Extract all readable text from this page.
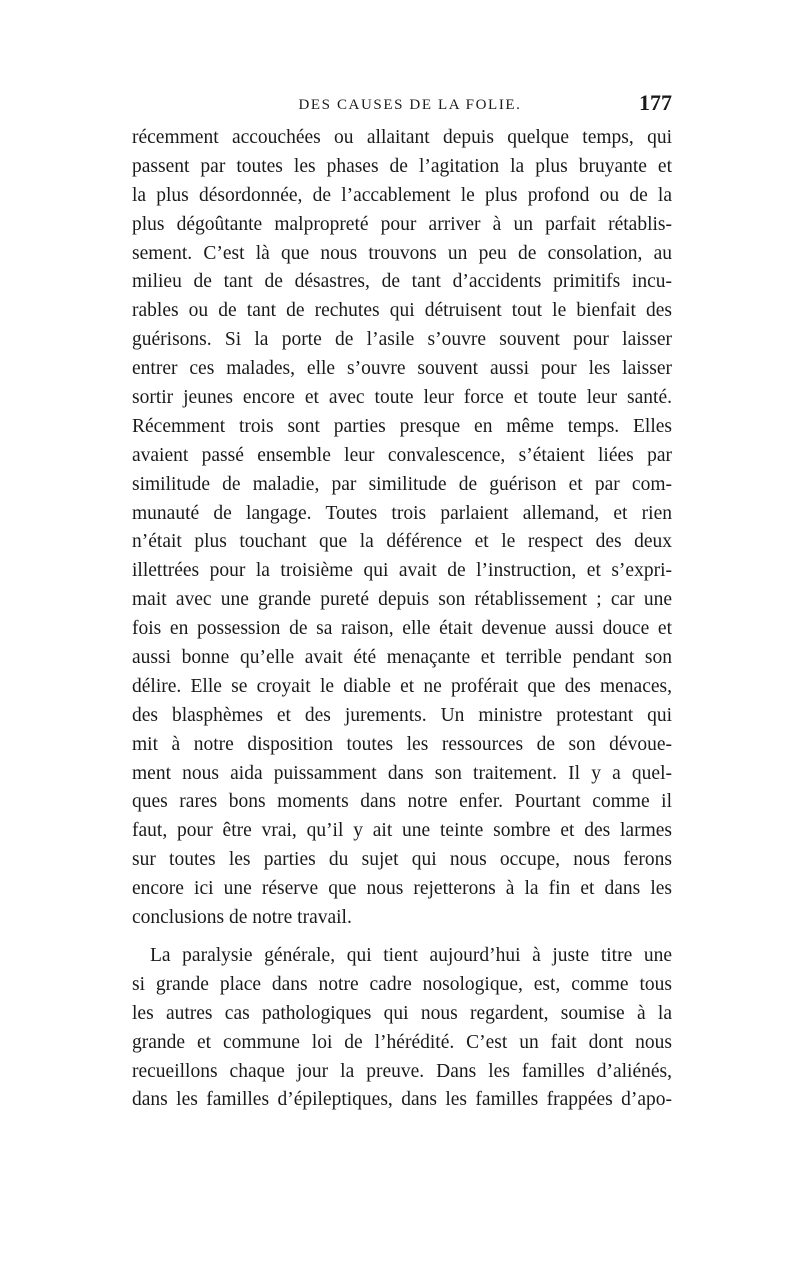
DES CAUSES DE LA FOLIE.	177
récemment accouchées ou allaitant depuis quelque temps, qui
passent par toutes les phases de l’agitation la plus bruyante et
la plus désordonnée, de l’accablement le plus profond ou de la
plus dégoûtante malpropreté pour arriver à un parfait rétablis-
sement. C’est là que nous trouvons un peu de consolation, au
milieu de tant de désastres, de tant d’accidents primitifs incu-
rables ou de tant de rechutes qui détruisent tout le bienfait des
guérisons. Si la porte de l’asile s’ouvre souvent pour laisser
entrer ces malades, elle s’ouvre souvent aussi pour les laisser
sortir jeunes encore et avec toute leur force et toute leur santé.
Récemment trois sont parties presque en même temps. Elles
avaient passé ensemble leur convalescence, s’étaient liées par
similitude de maladie, par similitude de guérison et par com-
munauté de langage. Toutes trois parlaient allemand, et rien
n’était plus touchant que la déférence et le respect des deux
illettrées pour la troisième qui avait de l’instruction, et s’expri-
mait avec une grande pureté depuis son rétablissement ; car une
fois en possession de sa raison, elle était devenue aussi douce et
aussi bonne qu’elle avait été menaçante et terrible pendant son
délire. Elle se croyait le diable et ne proférait que des menaces,
des blasphèmes et des jurements. Un ministre protestant qui
mit à notre disposition toutes les ressources de son dévoue-
ment nous aida puissamment dans son traitement. Il y a quel-
ques rares bons moments dans notre enfer. Pourtant comme il
faut, pour être vrai, qu’il y ait une teinte sombre et des larmes
sur toutes les parties du sujet qui nous occupe, nous ferons
encore ici une réserve que nous rejetterons à la fin et dans les
conclusions de notre travail.
La paralysie générale, qui tient aujourd’hui à juste titre une
si grande place dans notre cadre nosologique, est, comme tous
les autres cas pathologiques qui nous regardent, soumise à la
grande et commune loi de l’hérédité. C’est un fait dont nous
recueillons chaque jour la preuve. Dans les familles d’aliénés,
dans les familles d’épileptiques, dans les familles frappées d’apo-
